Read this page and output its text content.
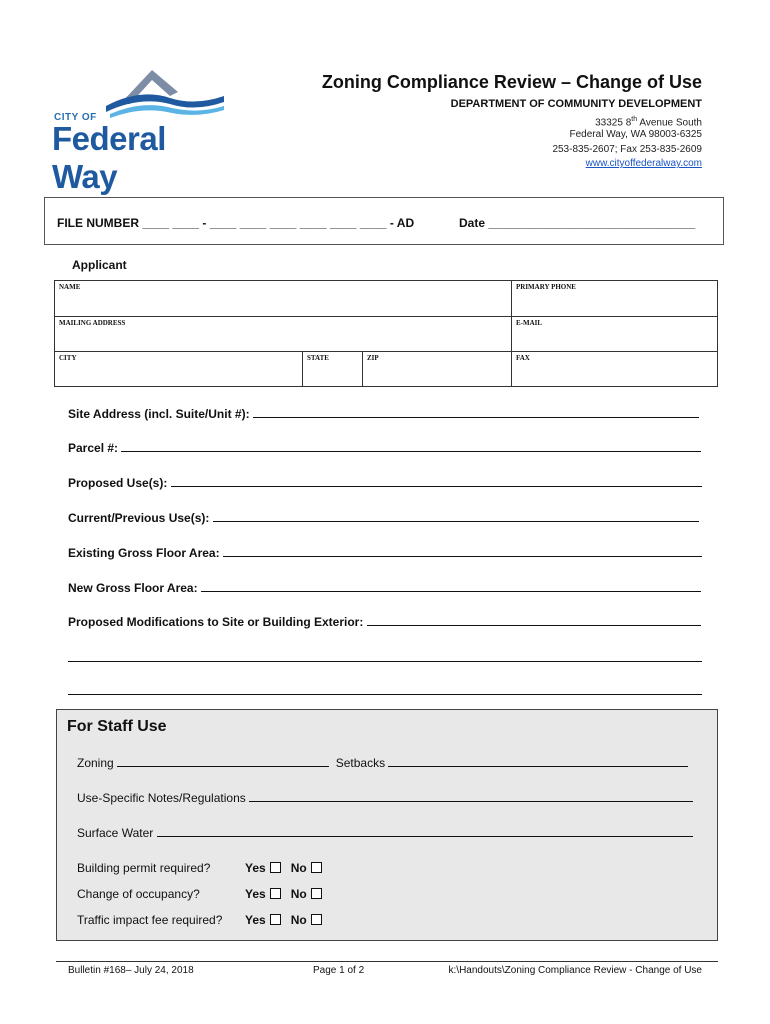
CITY OF
Federal Way
Zoning Compliance Review – Change of Use
DEPARTMENT OF COMMUNITY DEVELOPMENT
33325 8th Avenue South
Federal Way, WA 98003-6325
253-835-2607; Fax 253-835-2609
www.cityoffederalway.com
FILE NUMBER ____ ____ - ____ ____ ____ ____ ____ ____ - AD	Date _______________________________
Applicant
NAME			PRIMARY PHONE
MAILING ADDRESS			E-MAIL
CITY	STATE	ZIP	FAX
Site Address (incl. Suite/Unit #):
Parcel #:
Proposed Use(s):
Current/Previous Use(s):
Existing Gross Floor Area:
New Gross Floor Area:
Proposed Modifications to Site or Building Exterior:
For Staff Use
Zoning	Setbacks
Use-Specific Notes/Regulations
Surface Water
Building permit required?	Yes No
Change of occupancy?	Yes No
Traffic impact fee required? Yes No
Bulletin #168– July 24, 2018	Page 1 of 2	k:\Handouts\Zoning Compliance Review - Change of Use
